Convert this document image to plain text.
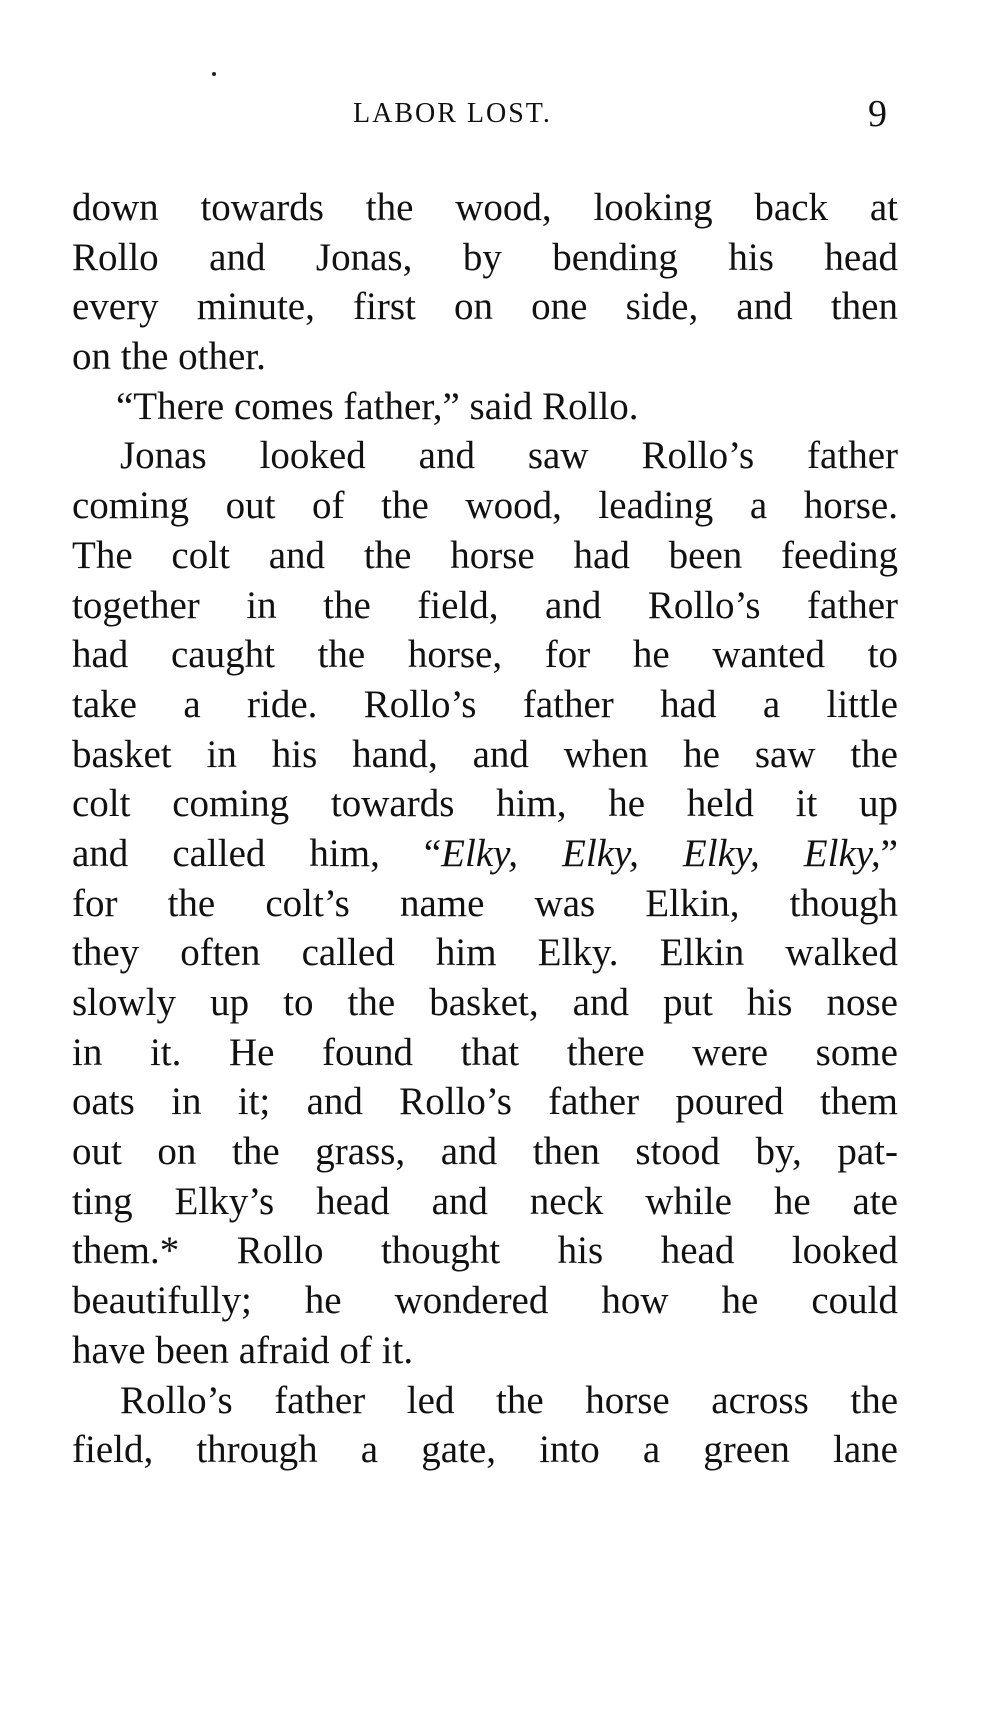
LABOR LOST.	9
down towards the wood, looking back at
Rollo and Jonas, by bending his head
every minute, first on one side, and then
on the other.
“There comes father,” said Rollo.
Jonas looked and saw Rollo’s father
coming out of the wood, leading a horse.
The colt and the horse had been feeding
together in the field, and Rollo’s father
had caught the horse, for he wanted to
take a ride. Rollo’s father had a little
basket in his hand, and when he saw the
colt coming towards him, he held it up
and called him, “Elky, Elky, Elky, Elky,”
for the colt’s name was Elkin, though
they often called him Elky. Elkin walked
slowly up to the basket, and put his nose
in it. He found that there were some
oats in it; and Rollo’s father poured them
out on the grass, and then stood by, pat-
ting Elky’s head and neck while he ate
them.* Rollo thought his head looked
beautifully; he wondered how he could
have been afraid of it.
Rollo’s father led the horse across the
field, through a gate, into a green lane
